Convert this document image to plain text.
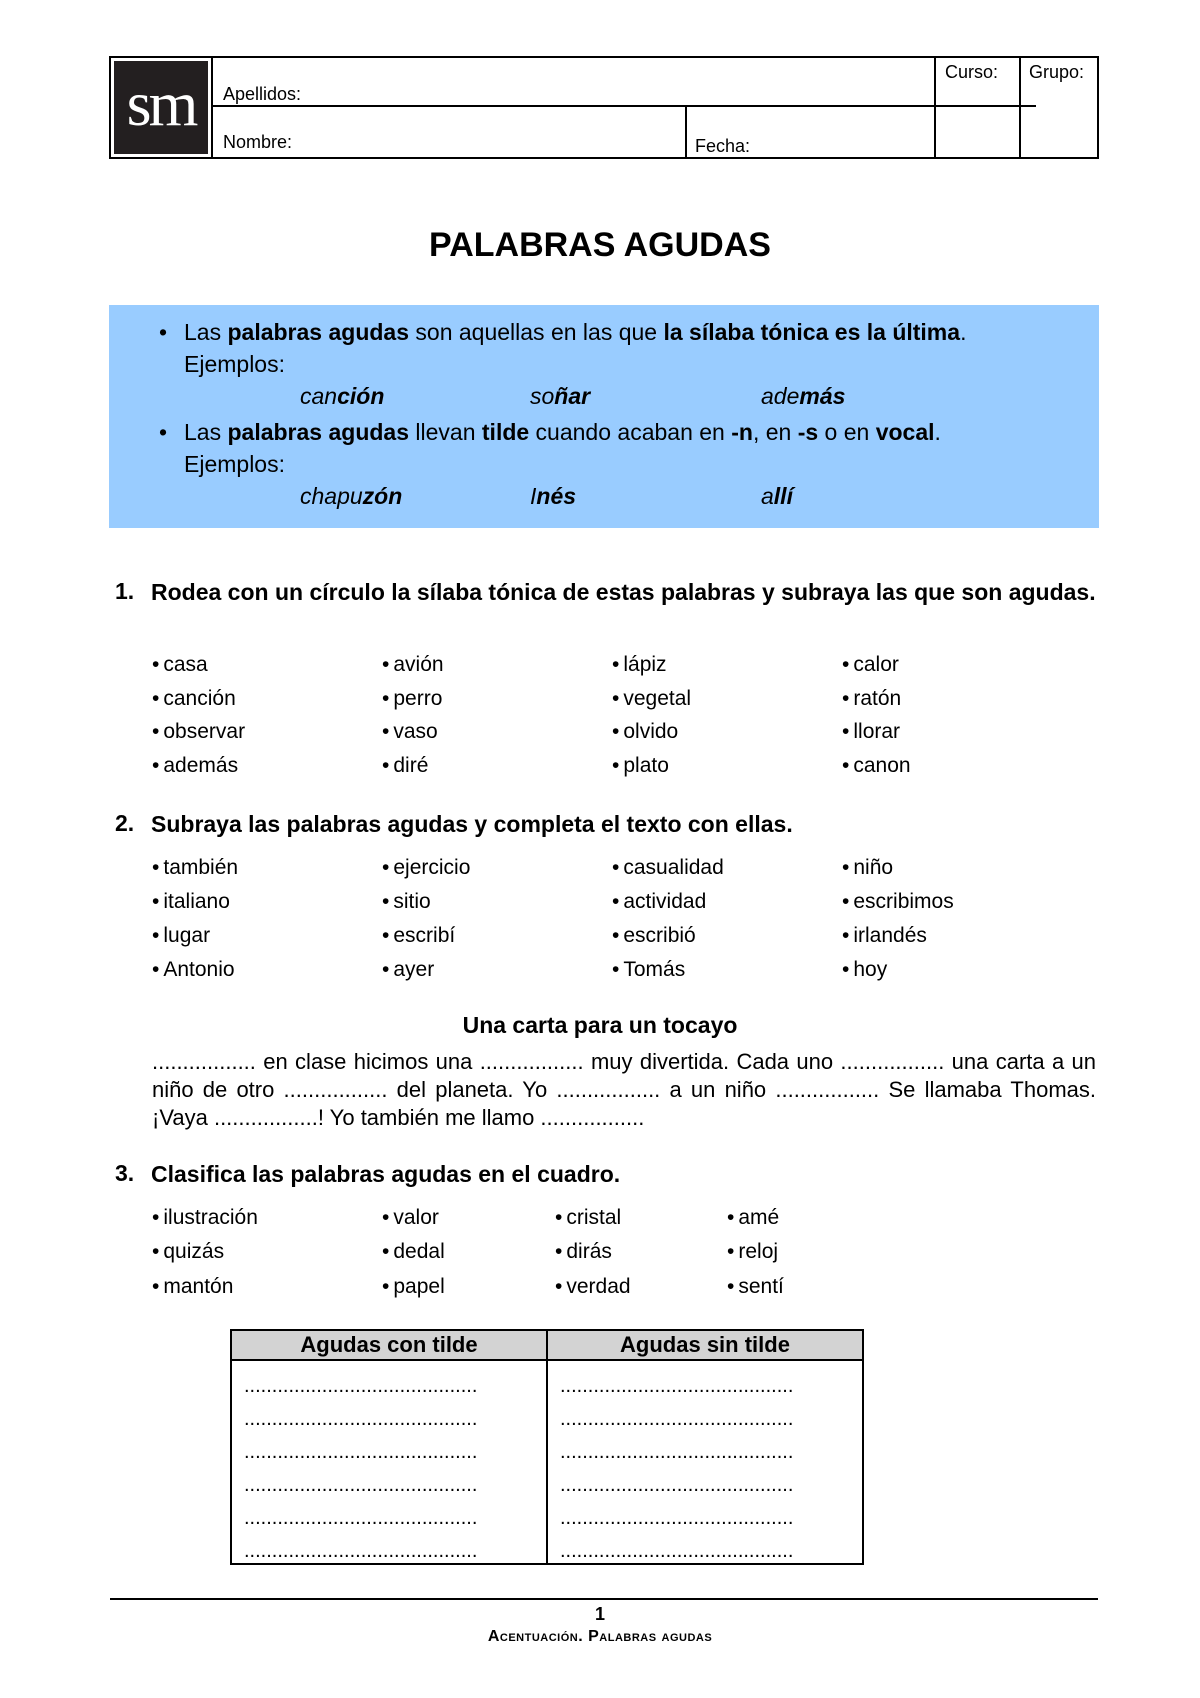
sm	Apellidos:
Nombre:	Fecha:
Curso: Grupo:
PALABRAS AGUDAS
• Las palabras agudas son aquellas en las que la sílaba tónica es la última.
Ejemplos:
canción	soñar	además
• Las palabras agudas llevan tilde cuando acaban en -n, en -s o en vocal.
Ejemplos:
chapuzón	Inés	allí
1. Rodea con un círculo la sílaba tónica de estas palabras y subraya las que son agudas.
• casa
• canción
• observar
• además
• avión
• perro
• vaso
• diré
• lápiz
• vegetal
• olvido
• plato
• calor
• ratón
• llorar
• canon
2. Subraya las palabras agudas y completa el texto con ellas.
• también
• italiano
• lugar
• Antonio
• ejercicio
• sitio
• escribí
• ayer
• casualidad
• actividad
• escribió
• Tomás
• niño
• escribimos
• irlandés
• hoy
Una carta para un tocayo
................. en clase hicimos una ................. muy divertida. Cada uno ................. una carta a un niño de otro ................. del planeta. Yo ................. a un niño ................. Se llamaba Thomas. ¡Vaya .................! Yo también me llamo .................
3. Clasifica las palabras agudas en el cuadro.
• ilustración
• quizás
• mantón
• valor
• dedal
• papel
• cristal
• dirás
• verdad
• amé
• reloj
• sentí
Agudas con tilde	Agudas sin tilde
..........................................	..........................................
..........................................	..........................................
..........................................	..........................................
..........................................	..........................................
..........................................	..........................................
..........................................	..........................................
1
Acentuación. Palabras agudas
